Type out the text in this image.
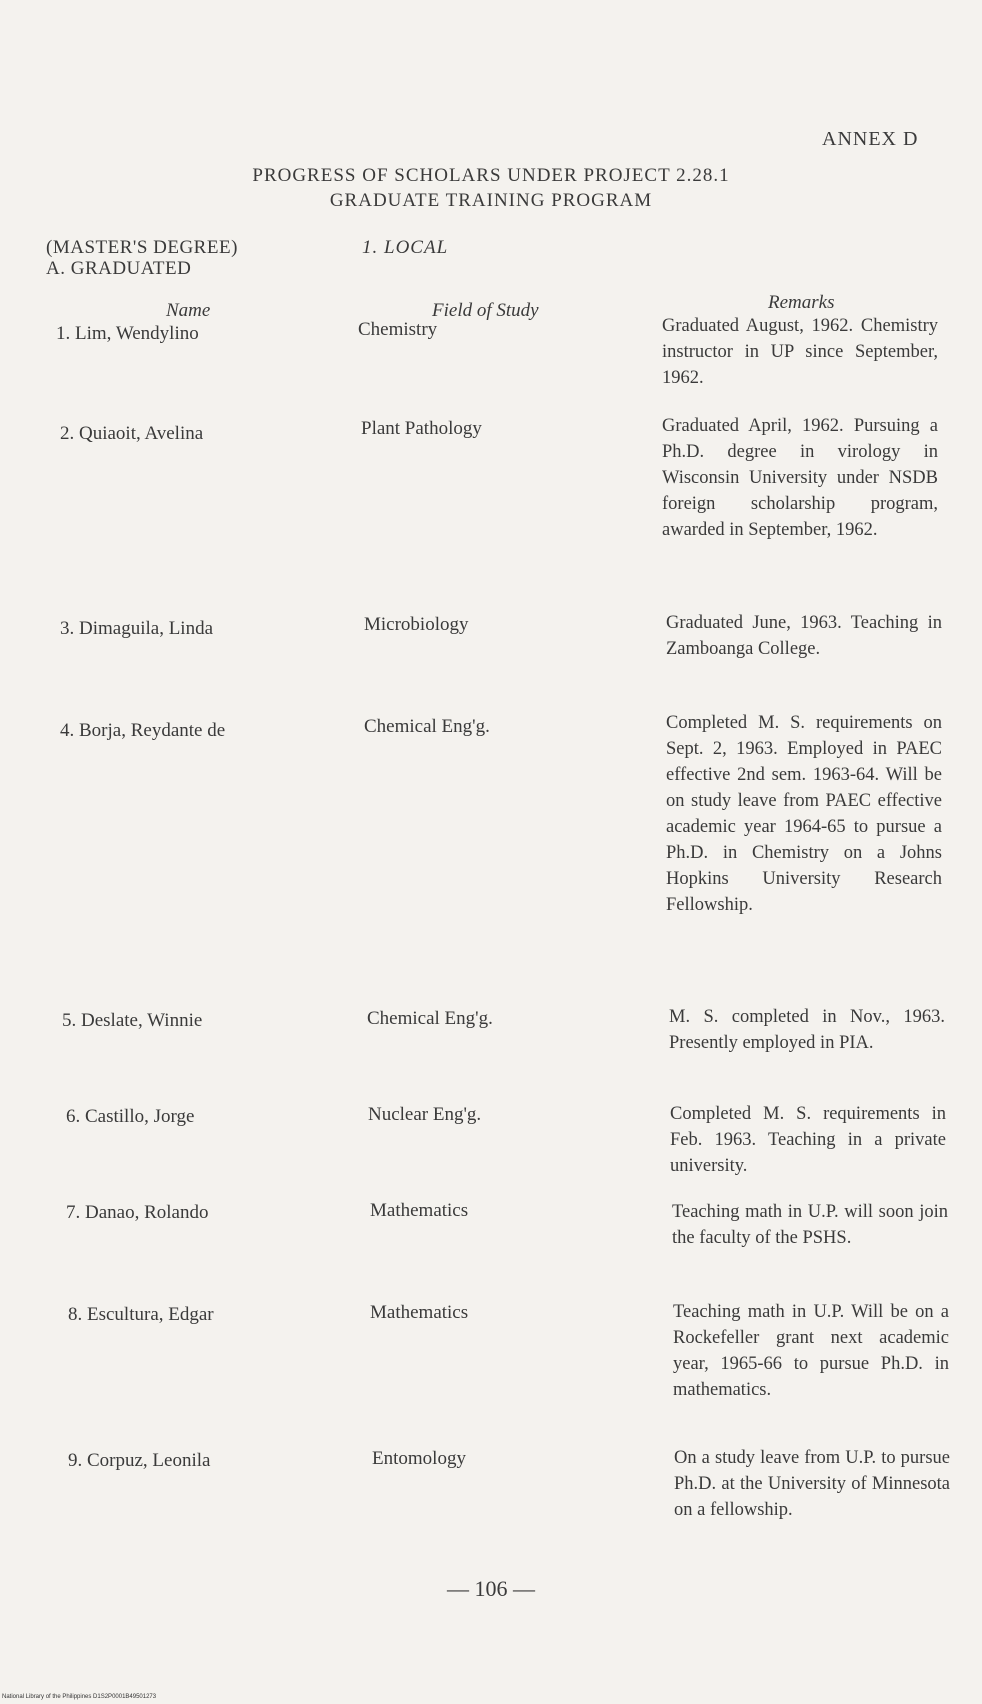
ANNEX D
PROGRESS OF SCHOLARS UNDER PROJECT 2.28.1
GRADUATE TRAINING PROGRAM
(MASTER'S DEGREE)
A. GRADUATED
1. LOCAL
Name	Field of Study	Remarks
1. Lim, Wendylino	Chemistry	Graduated August, 1962. Chemistry instructor in UP since September, 1962.

2. Quiaoit, Avelina	Plant Pathology	Graduated April, 1962. Pursuing a Ph.D. degree in virology in Wisconsin University under NSDB foreign scholarship program, awarded in September, 1962.

3. Dimaguila, Linda	Microbiology	Graduated June, 1963. Teaching in Zamboanga College.

4. Borja, Reydante de	Chemical Eng'g.	Completed M. S. requirements on Sept. 2, 1963. Employed in PAEC effective 2nd sem. 1963-64. Will be on study leave from PAEC effective academic year 1964-65 to pursue a Ph.D. in Chemistry on a Johns Hopkins University Research Fellowship.

5. Deslate, Winnie	Chemical Eng'g.	M. S. completed in Nov., 1963. Presently employed in PIA.

6. Castillo, Jorge	Nuclear Eng'g.	Completed M. S. requirements in Feb. 1963. Teaching in a private university.

7. Danao, Rolando	Mathematics	Teaching math in U.P. will soon join the faculty of the PSHS.

8. Escultura, Edgar	Mathematics	Teaching math in U.P. Will be on a Rockefeller grant next academic year, 1965-66 to pursue Ph.D. in mathematics.

9. Corpuz, Leonila	Entomology	On a study leave from U.P. to pursue Ph.D. at the University of Minnesota on a fellowship.

— 106 —
National Library of the Philippines D1S2P0001B49501273
